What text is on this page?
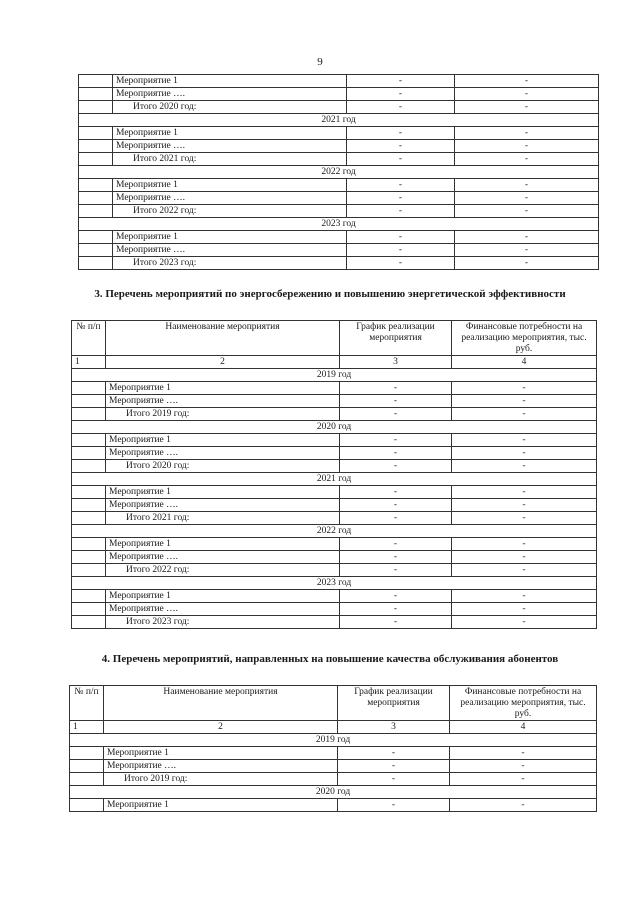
9
	Мероприятие 1	-	-
	Мероприятие ….	-	-
	Итого 2020 год:	-	-
2021 год			
	Мероприятие 1	-	-
	Мероприятие ….	-	-
	Итого 2021 год:	-	-
2022 год			
	Мероприятие 1	-	-
	Мероприятие ….	-	-
	Итого 2022 год:	-	-
2023 год			
	Мероприятие 1	-	-
	Мероприятие ….	-	-
	Итого 2023 год:	-	-
3. Перечень мероприятий по энергосбережению и повышению энергетической эффективности
№ п/п	Наименование мероприятия	График реализации мероприятия	Финансовые потребности на реализацию мероприятия, тыс. руб.
1	2	3	4
2019 год			
	Мероприятие 1	-	-
	Мероприятие ….	-	-
	Итого 2019 год:	-	-
2020 год			
	Мероприятие 1	-	-
	Мероприятие ….	-	-
	Итого 2020 год:	-	-
2021 год			
	Мероприятие 1	-	-
	Мероприятие ….	-	-
	Итого 2021 год:	-	-
2022 год			
	Мероприятие 1	-	-
	Мероприятие ….	-	-
	Итого 2022 год:	-	-
2023 год			
	Мероприятие 1	-	-
	Мероприятие ….	-	-
	Итого 2023 год:	-	-
4. Перечень мероприятий, направленных на повышение качества обслуживания абонентов
№ п/п	Наименование мероприятия	График реализации мероприятия	Финансовые потребности на реализацию мероприятия, тыс. руб.
1	2	3	4
2019 год			
	Мероприятие 1	-	-
	Мероприятие ….	-	-
	Итого 2019 год:	-	-
2020 год			
	Мероприятие 1	-	-
